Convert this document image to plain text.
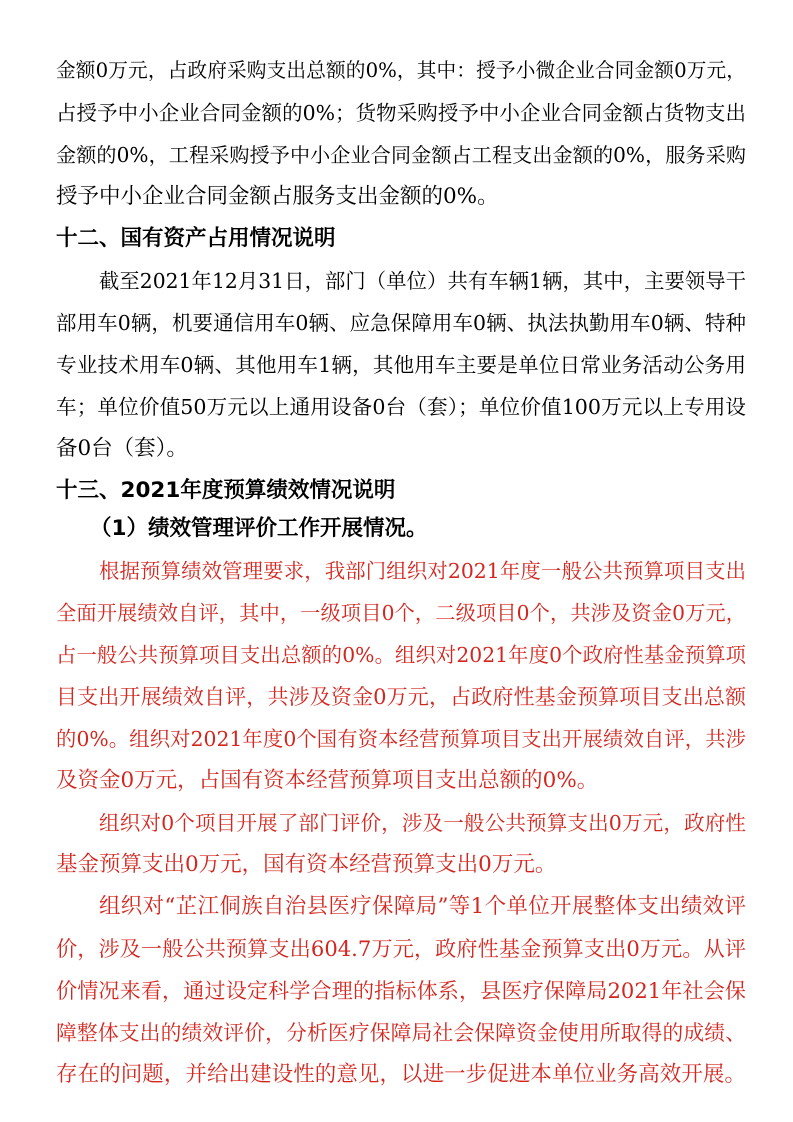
金额0万元，占政府采购支出总额的0%，其中：授予小微企业合同金额0万元，
占授予中小企业合同金额的0%；货物采购授予中小企业合同金额占货物支出
金额的0%，工程采购授予中小企业合同金额占工程支出金额的0%，服务采购
授予中小企业合同金额占服务支出金额的0%。
十二、国有资产占用情况说明
截至2021年12月31日，部门（单位）共有车辆1辆，其中，主要领导干
部用车0辆，机要通信用车0辆、应急保障用车0辆、执法执勤用车0辆、特种
专业技术用车0辆、其他用车1辆，其他用车主要是单位日常业务活动公务用
车；单位价值50万元以上通用设备0台（套）；单位价值100万元以上专用设
备0台（套）。
十三、2021年度预算绩效情况说明
（1）绩效管理评价工作开展情况。
根据预算绩效管理要求，我部门组织对2021年度一般公共预算项目支出
全面开展绩效自评，其中，一级项目0个，二级项目0个，共涉及资金0万元，
占一般公共预算项目支出总额的0%。组织对2021年度0个政府性基金预算项
目支出开展绩效自评，共涉及资金0万元，占政府性基金预算项目支出总额
的0%。组织对2021年度0个国有资本经营预算项目支出开展绩效自评，共涉
及资金0万元，占国有资本经营预算项目支出总额的0%。
组织对0个项目开展了部门评价，涉及一般公共预算支出0万元，政府性
基金预算支出0万元，国有资本经营预算支出0万元。
组织对“芷江侗族自治县医疗保障局”等1个单位开展整体支出绩效评
价，涉及一般公共预算支出604.7万元，政府性基金预算支出0万元。从评
价情况来看，通过设定科学合理的指标体系，县医疗保障局2021年社会保
障整体支出的绩效评价，分析医疗保障局社会保障资金使用所取得的成绩、
存在的问题，并给出建设性的意见，以进一步促进本单位业务高效开展。
